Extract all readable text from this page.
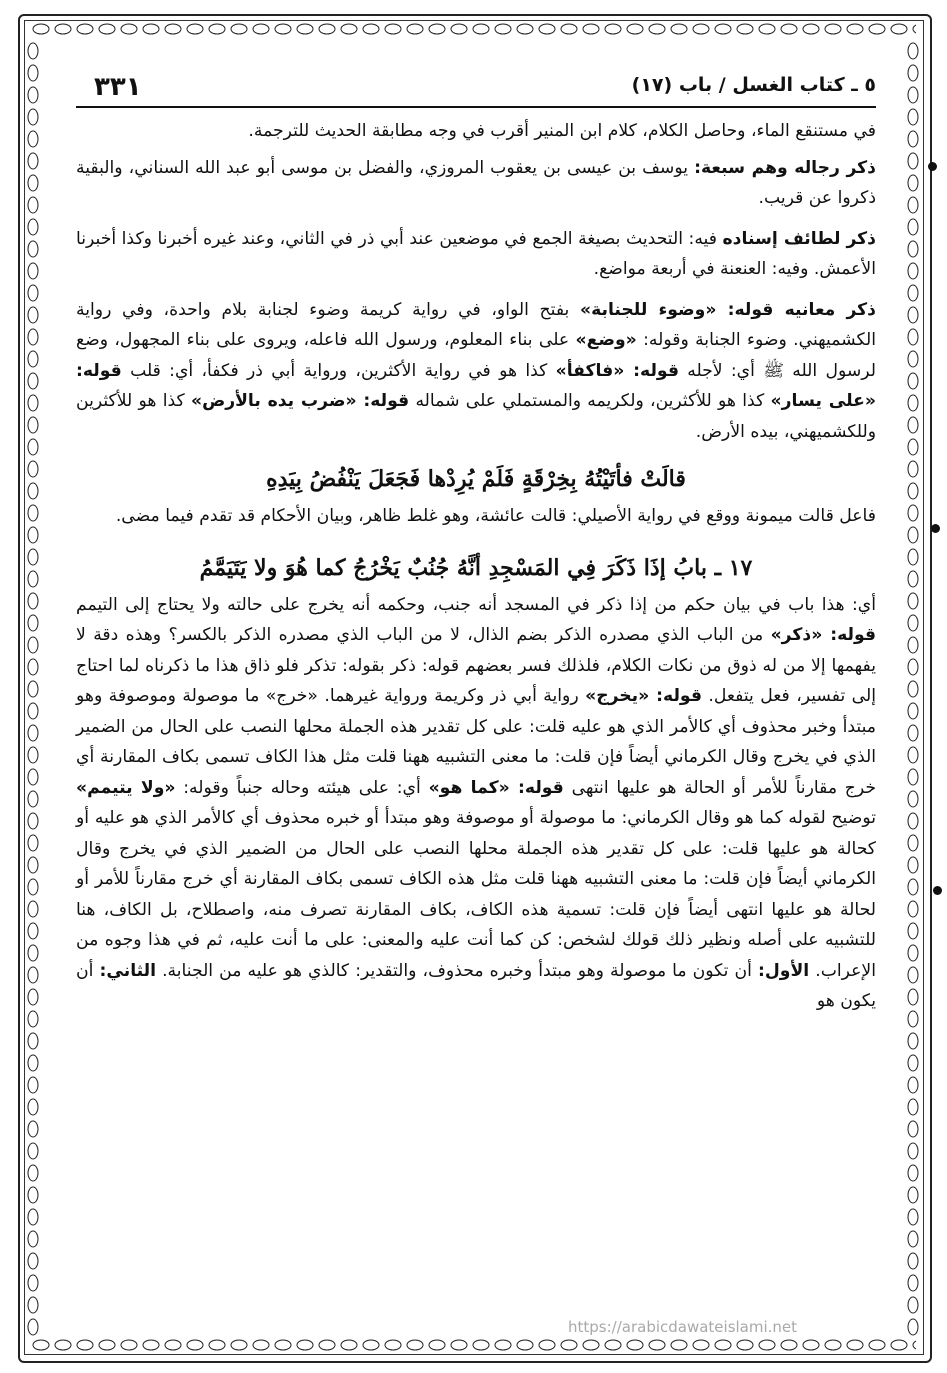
٣٣١	٥ ـ كتاب الغسل / باب (١٧)

في مستنقع الماء، وحاصل الكلام، كلام ابن المنير أقرب في وجه مطابقة الحديث للترجمة.

ذكر رجاله وهم سبعة: يوسف بن عيسى بن يعقوب المروزي، والفضل بن موسى أبو عبد الله السناني، والبقية ذكروا عن قريب.

ذكر لطائف إسناده فيه: التحديث بصيغة الجمع في موضعين عند أبي ذر في الثاني، وعند غيره أخبرنا وكذا أخبرنا الأعمش. وفيه: العنعنة في أربعة مواضع.

ذكر معانيه قوله: «وضوء للجنابة» بفتح الواو، في رواية كريمة وضوء لجنابة بلام واحدة، وفي رواية الكشميهني. وضوء الجنابة وقوله: «وضع» على بناء المعلوم، ورسول الله فاعله، ويروى على بناء المجهول، وضع لرسول الله ﷺ أي: لأجله قوله: «فاكفأ» كذا هو في رواية الأكثرين، ورواية أبي ذر فكفأ، أي: قلب قوله: «على يسار» كذا هو للأكثرين، ولكريمه والمستملي على شماله قوله: «ضرب يده بالأرض» كذا هو للأكثرين وللكشميهني، بيده الأرض.

قالَتْ فأتَيْتُهُ بِخِرْقَةٍ فَلَمْ يُرِدْها فَجَعَلَ يَنْفُضُ بِيَدِهِ

فاعل قالت ميمونة ووقع في رواية الأصيلي: قالت عائشة، وهو غلط ظاهر، وبيان الأحكام قد تقدم فيما مضى.

١٧ ـ بابُ إذَا ذَكَرَ فِي المَسْجِدِ أنَّهُ جُنُبٌ يَخْرُجُ كما هُوَ ولا يَتَيَمَّمُ

أي: هذا باب في بيان حكم من إذا ذكر في المسجد أنه جنب، وحكمه أنه يخرج على حالته ولا يحتاج إلى التيمم قوله: «ذكر» من الباب الذي مصدره الذكر بضم الذال، لا من الباب الذي مصدره الذكر بالكسر؟ وهذه دقة لا يفهمها إلا من له ذوق من نكات الكلام، فلذلك فسر بعضهم قوله: ذكر بقوله: تذكر فلو ذاق هذا ما ذكرناه لما احتاج إلى تفسير، فعل يتفعل. قوله: «يخرج» رواية أبي ذر وكريمة ورواية غيرهما. «خرج» ما موصولة وموصوفة وهو مبتدأ وخبر محذوف أي كالأمر الذي هو عليه قلت: على كل تقدير هذه الجملة محلها النصب على الحال من الضمير الذي في يخرج وقال الكرماني أيضاً فإن قلت: ما معنى التشبيه ههنا قلت مثل هذا الكاف تسمى بكاف المقارنة أي خرج مقارناً للأمر أو الحالة هو عليها انتهى قوله: «كما هو» أي: على هيئته وحاله جنباً وقوله: «ولا يتيمم» توضيح لقوله كما هو وقال الكرماني: ما موصولة أو موصوفة وهو مبتدأ أو خبره محذوف أي كالأمر الذي هو عليه أو كحالة هو عليها قلت: على كل تقدير هذه الجملة محلها النصب على الحال من الضمير الذي في يخرج وقال الكرماني أيضاً فإن قلت: ما معنى التشبيه ههنا قلت مثل هذه الكاف تسمى بكاف المقارنة أي خرج مقارناً للأمر أو لحالة هو عليها انتهى أيضاً فإن قلت: تسمية هذه الكاف، بكاف المقارنة تصرف منه، واصطلاح، بل الكاف، هنا للتشبيه على أصله ونظير ذلك قولك لشخص: كن كما أنت عليه والمعنى: على ما أنت عليه، ثم في هذا وجوه من الإعراب. الأول: أن تكون ما موصولة وهو مبتدأ وخبره محذوف، والتقدير: كالذي هو عليه من الجنابة. الثاني: أن يكون هو

https://arabicdawateislami.net
